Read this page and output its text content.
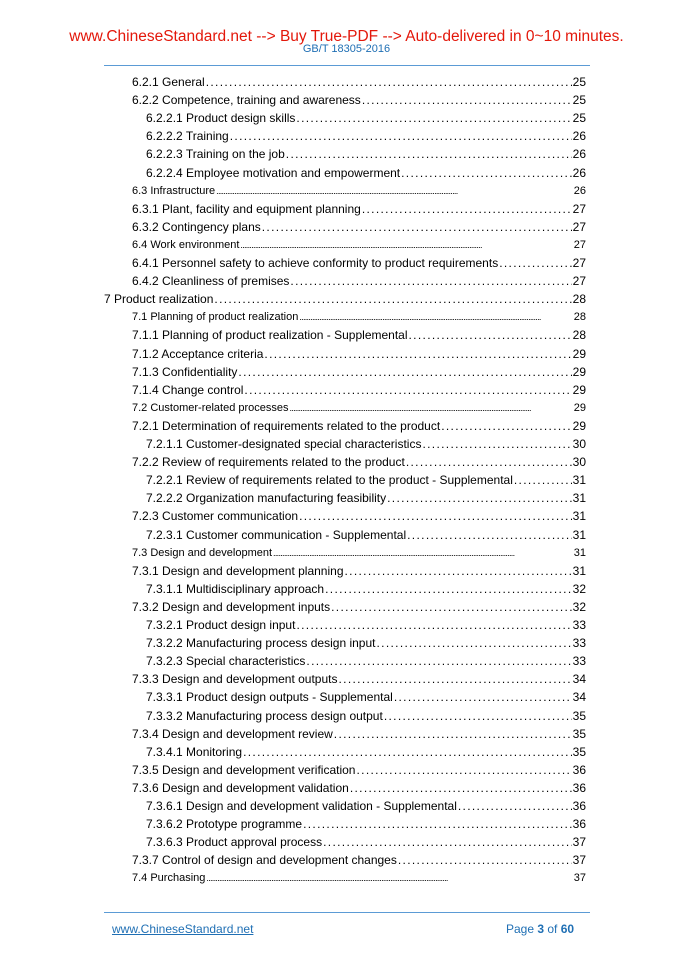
www.ChineseStandard.net --> Buy True-PDF --> Auto-delivered in 0~10 minutes.
GB/T 18305-2016
6.2.1 General . . .	25
6.2.2 Competence, training and awareness . . .	25
6.2.2.1 Product design skills . . .	25
6.2.2.2 Training . . .	26
6.2.2.3 Training on the job . . .	26
6.2.2.4 Employee motivation and empowerment . . .	26
6.3 Infrastructure . . .	26
6.3.1 Plant, facility and equipment planning . . .	27
6.3.2 Contingency plans . . .	27
6.4 Work environment . . .	27
6.4.1 Personnel safety to achieve conformity to product requirements . . .	27
6.4.2 Cleanliness of premises . . .	27
7 Product realization . . .	28
7.1 Planning of product realization . . .	28
7.1.1 Planning of product realization - Supplemental . . .	28
7.1.2 Acceptance criteria . . .	29
7.1.3 Confidentiality . . .	29
7.1.4 Change control . . .	29
7.2 Customer-related processes . . .	29
7.2.1 Determination of requirements related to the product . . .	29
7.2.1.1 Customer-designated special characteristics . . .	30
7.2.2 Review of requirements related to the product . . .	30
7.2.2.1 Review of requirements related to the product - Supplemental . . .	31
7.2.2.2 Organization manufacturing feasibility . . .	31
7.2.3 Customer communication . . .	31
7.2.3.1 Customer communication - Supplemental . . .	31
7.3 Design and development . . .	31
7.3.1 Design and development planning . . .	31
7.3.1.1 Multidisciplinary approach . . .	32
7.3.2 Design and development inputs . . .	32
7.3.2.1 Product design input . . .	33
7.3.2.2 Manufacturing process design input . . .	33
7.3.2.3 Special characteristics . . .	33
7.3.3 Design and development outputs . . .	34
7.3.3.1 Product design outputs - Supplemental . . .	34
7.3.3.2 Manufacturing process design output . . .	35
7.3.4 Design and development review . . .	35
7.3.4.1 Monitoring . . .	35
7.3.5 Design and development verification . . .	36
7.3.6 Design and development validation . . .	36
7.3.6.1 Design and development validation - Supplemental . . .	36
7.3.6.2 Prototype programme . . .	36
7.3.6.3 Product approval process . . .	37
7.3.7 Control of design and development changes . . .	37
7.4 Purchasing . . .	37
www.ChineseStandard.net	Page 3 of 60
